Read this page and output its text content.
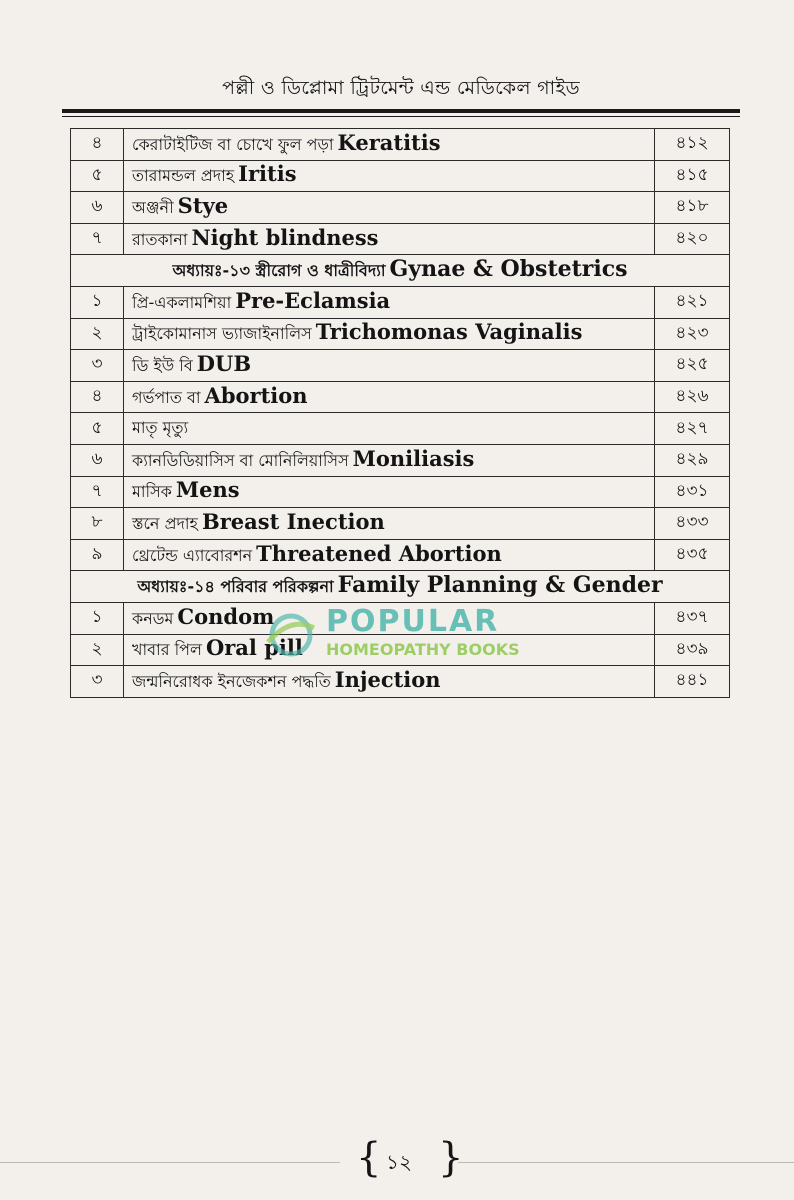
পল্লী ও ডিপ্লোমা ট্রিটমেন্ট এন্ড মেডিকেল গাইড
৪	কেরাটাইটিজ বা চোখে ফুল পড়া Keratitis	৪১২
৫	তারামন্ডল প্রদাহ Iritis	৪১৫
৬	অঞ্জনী Stye	৪১৮
৭	রাতকানা Night blindness	৪২০
অধ্যায়ঃ-১৩ স্ত্রীরোগ ও ধাত্রীবিদ্যা Gynae & Obstetrics		
১	প্রি-একলামশিয়া Pre-Eclamsia	৪২১
২	ট্রাইকোমানাস ভ্যাজাইনালিস Trichomonas Vaginalis	৪২৩
৩	ডি ইউ বি DUB	৪২৫
৪	গর্ভপাত বা Abortion	৪২৬
৫	মাতৃ মৃত্যু	৪২৭
৬	ক্যানডিডিয়াসিস বা মোনিলিয়াসিস Moniliasis	৪২৯
৭	মাসিক Mens	৪৩১
৮	স্তনে প্রদাহ Breast Inection	৪৩৩
৯	থ্রেটেন্ড এ্যাবোরশন Threatened Abortion	৪৩৫
অধ্যায়ঃ-১৪ পরিবার পরিকল্পনা Family Planning & Gender		
১	কনডম Condom	৪৩৭
২	খাবার পিল Oral pill	৪৩৯
৩	জন্মনিরোধক ইনজেকশন পদ্ধতি Injection	৪৪১
POPULAR
HOMEOPATHY BOOKS
{ }
১২
